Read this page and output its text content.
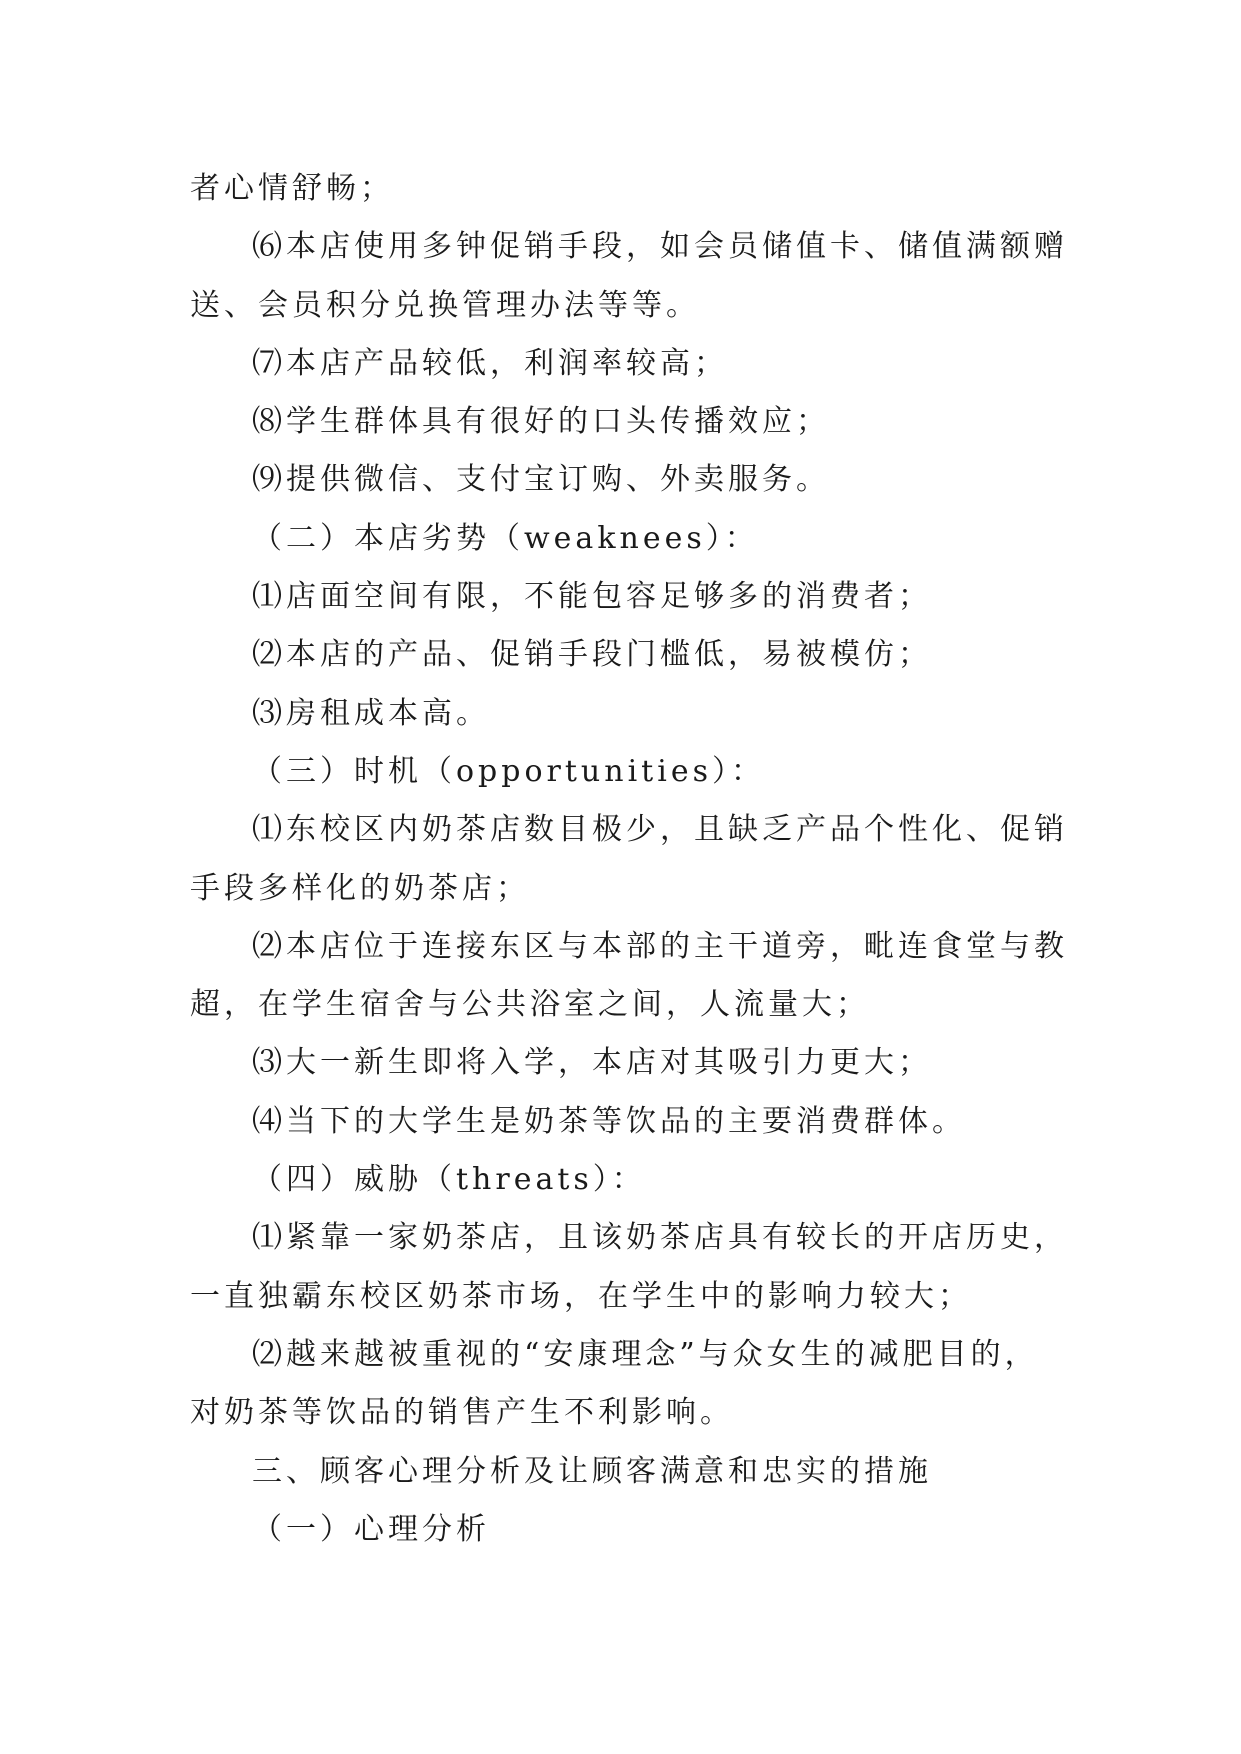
者心情舒畅；
⑹本店使用多钟促销手段，如会员储值卡、储值满额赠
送、会员积分兑换管理办法等等。
⑺本店产品较低，利润率较高；
⑻学生群体具有很好的口头传播效应；
⑼提供微信、支付宝订购、外卖服务。
（二）本店劣势（weaknees）：
⑴店面空间有限，不能包容足够多的消费者；
⑵本店的产品、促销手段门槛低，易被模仿；
⑶房租成本高。
（三）时机（opportunities）：
⑴东校区内奶茶店数目极少，且缺乏产品个性化、促销
手段多样化的奶茶店；
⑵本店位于连接东区与本部的主干道旁，毗连食堂与教
超，在学生宿舍与公共浴室之间，人流量大；
⑶大一新生即将入学，本店对其吸引力更大；
⑷当下的大学生是奶茶等饮品的主要消费群体。
（四）威胁（threats）：
⑴紧靠一家奶茶店，且该奶茶店具有较长的开店历史，
一直独霸东校区奶茶市场，在学生中的影响力较大；
⑵越来越被重视的“安康理念”与众女生的减肥目的，
对奶茶等饮品的销售产生不利影响。
三、顾客心理分析及让顾客满意和忠实的措施
（一）心理分析
